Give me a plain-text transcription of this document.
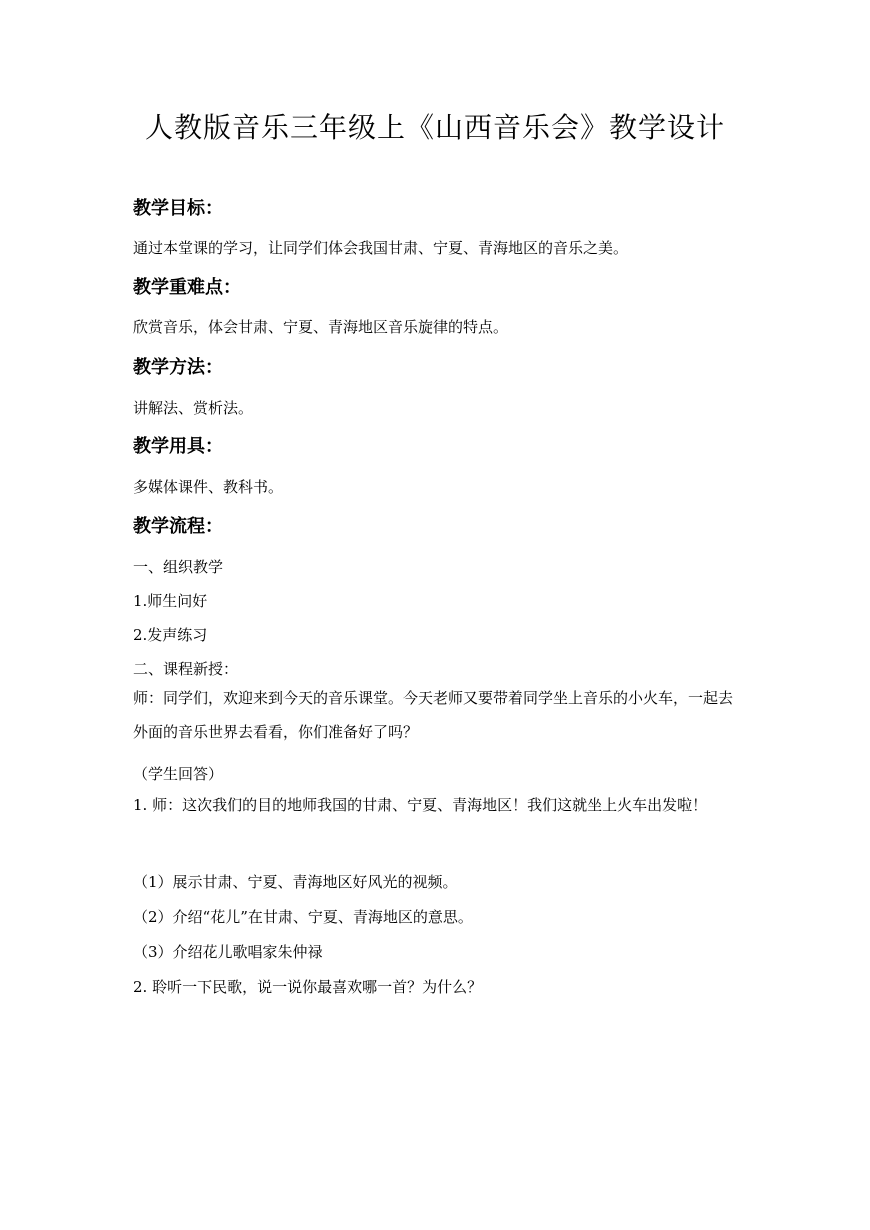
人教版音乐三年级上《山西音乐会》教学设计
教学目标：
通过本堂课的学习，让同学们体会我国甘肃、宁夏、青海地区的音乐之美。
教学重难点：
欣赏音乐，体会甘肃、宁夏、青海地区音乐旋律的特点。
教学方法：
讲解法、赏析法。
教学用具：
多媒体课件、教科书。
教学流程：
一、组织教学
1.师生问好
2.发声练习
二、课程新授：
师：同学们，欢迎来到今天的音乐课堂。今天老师又要带着同学坐上音乐的小火车，一起去外面的音乐世界去看看，你们准备好了吗？
（学生回答）
1. 师：这次我们的目的地师我国的甘肃、宁夏、青海地区！我们这就坐上火车出发啦！
（1）展示甘肃、宁夏、青海地区好风光的视频。
（2）介绍“花儿”在甘肃、宁夏、青海地区的意思。
（3）介绍花儿歌唱家朱仲禄
2. 聆听一下民歌，说一说你最喜欢哪一首？为什么？
